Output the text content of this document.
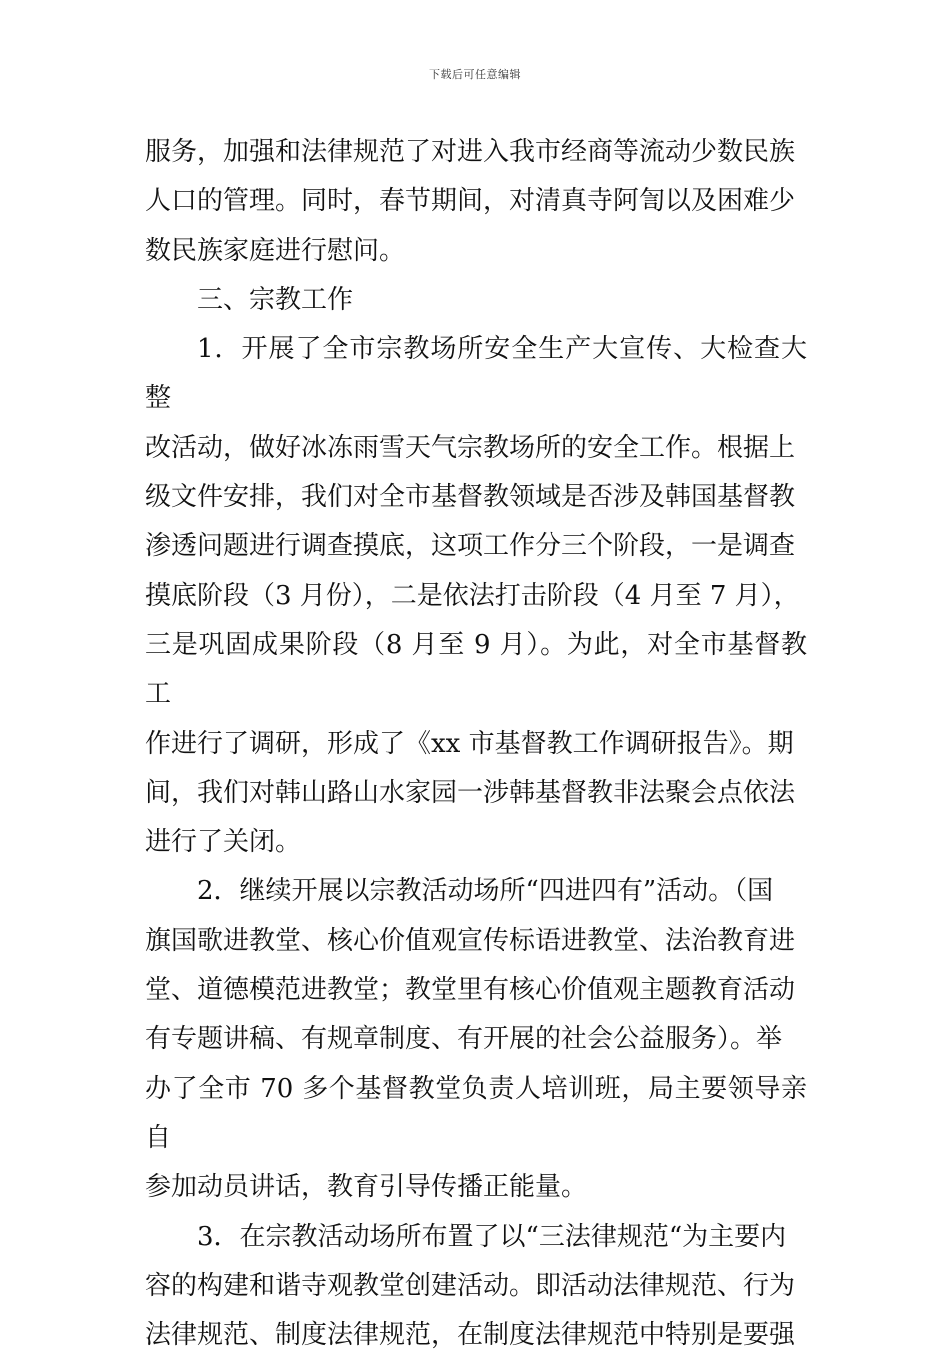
下载后可任意编辑

服务，加强和法律规范了对进入我市经商等流动少数民族
人口的管理。同时，春节期间，对清真寺阿訇以及困难少
数民族家庭进行慰问。

三、宗教工作

1．开展了全市宗教场所安全生产大宣传、大检查大整
改活动，做好冰冻雨雪天气宗教场所的安全工作。根据上
级文件安排，我们对全市基督教领域是否涉及韩国基督教
渗透问题进行调查摸底，这项工作分三个阶段，一是调查
摸底阶段（3 月份），二是依法打击阶段（4 月至 7 月），
三是巩固成果阶段（8 月至 9 月）。为此，对全市基督教工
作进行了调研，形成了《xx 市基督教工作调研报告》。期
间，我们对韩山路山水家园一涉韩基督教非法聚会点依法
进行了关闭。

2．继续开展以宗教活动场所“四进四有”活动。（国
旗国歌进教堂、核心价值观宣传标语进教堂、法治教育进
堂、道德模范进教堂；教堂里有核心价值观主题教育活动
有专题讲稿、有规章制度、有开展的社会公益服务）。举
办了全市 70 多个基督教堂负责人培训班，局主要领导亲自
参加动员讲话，教育引导传播正能量。

3．在宗教活动场所布置了以“三法律规范“为主要内
容的构建和谐寺观教堂创建活动。即活动法律规范、行为
法律规范、制度法律规范，在制度法律规范中特别是要强
